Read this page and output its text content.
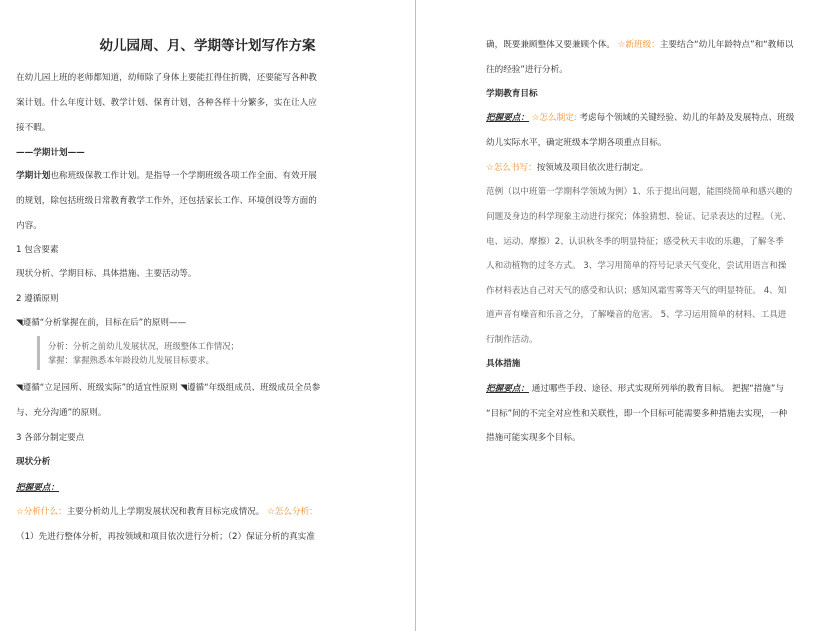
幼儿园周、月、学期等计划写作方案
在幼儿园上班的老师都知道，幼师除了身体上要能扛得住折腾，还要能写各种教
案计划。什么年度计划、教学计划、保育计划，各种各样十分繁多，实在让人应
接不暇。
——学期计划——
学期计划也称班级保教工作计划。是指导一个学期班级各项工作全面、有效开展
的规划，除包括班级日常教育教学工作外，还包括家长工作、环境创设等方面的
内容。
1 包含要素
现状分析、学期目标、具体措施、主要活动等。
2 遵循原则
◥遵循“分析掌握在前，目标在后”的原则——
分析：分析之前幼儿发展状况，班级整体工作情况；
掌握：掌握熟悉本年龄段幼儿发展目标要求。
◥遵循“立足园所、班级实际”的适宜性原则 ◥遵循“年级组成员、班级成员全员参
与、充分沟通”的原则。
3 各部分制定要点
现状分析
把握要点：
☆分析什么：主要分析幼儿上学期发展状况和教育目标完成情况。 ☆怎么分析：
（1）先进行整体分析，再按领域和项目依次进行分析；（2）保证分析的真实准
确，既要兼顾整体又要兼顾个体。 ☆新班级：主要结合“幼儿年龄特点”和“教师以
往的经验”进行分析。
学期教育目标
把握要点： ☆怎么制定: 考虑每个领域的关键经验、幼儿的年龄及发展特点、班级
幼儿实际水平，确定班级本学期各项重点目标。
☆怎么书写：按领域及项目依次进行制定。
范例（以中班第一学期科学领域为例）1、乐于提出问题，能围绕简单和感兴趣的
问题及身边的科学现象主动进行探究；体验猜想、验证、记录表达的过程。（光、
电、运动、摩擦）2、认识秋冬季的明显特征；感受秋天丰收的乐趣，了解冬季
人和动植物的过冬方式。 3、学习用简单的符号记录天气变化，尝试用语言和操
作材料表达自己对天气的感受和认识；感知风霜雪雾等天气的明显特征。 4、知
道声音有噪音和乐音之分，了解噪音的危害。 5、学习运用简单的材料、工具进
行制作活动。
具体措施
把握要点： 通过哪些手段、途径、形式实现所列举的教育目标。 把握“措施”与
“目标”间的不完全对应性和关联性，即一个目标可能需要多种措施去实现，一种
措施可能实现多个目标。
